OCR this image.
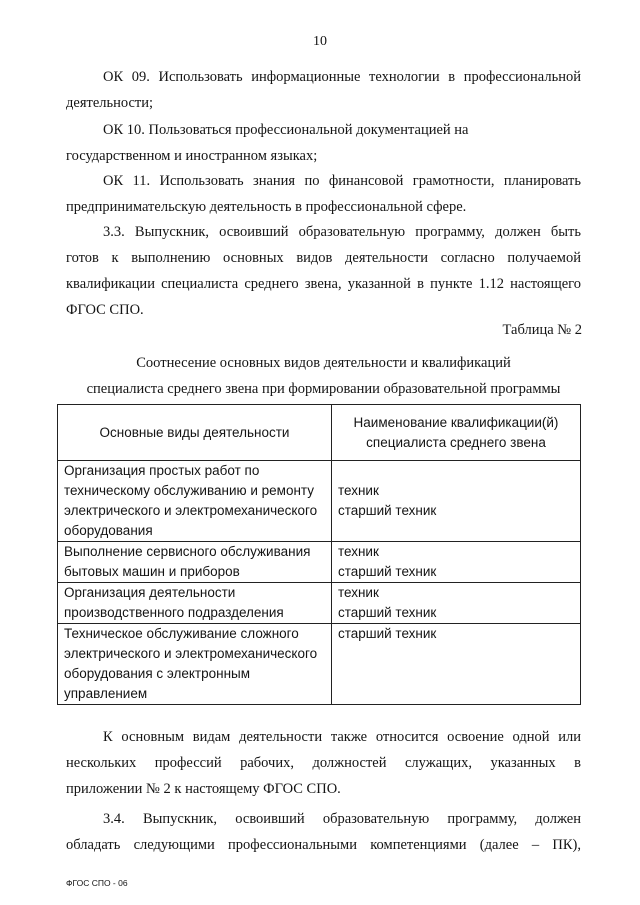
10
ОК 09. Использовать информационные технологии в профессиональной
деятельности;
ОК 10. Пользоваться профессиональной документацией на
государственном и иностранном языках;
ОК 11. Использовать знания по финансовой грамотности, планировать
предпринимательскую деятельность в профессиональной сфере.
3.3. Выпускник, освоивший образовательную программу, должен быть
готов к выполнению основных видов деятельности согласно получаемой
квалификации специалиста среднего звена, указанной в пункте 1.12 настоящего
ФГОС СПО.
Таблица № 2
Соотнесение основных видов деятельности и квалификаций
специалиста среднего звена при формировании образовательной программы
Основные виды деятельности	Наименование квалификации(й)
специалиста среднего звена

Организация простых работ по
техническому обслуживанию и ремонту
электрического и электромеханического
оборудования	техник
старший техник

Выполнение сервисного обслуживания
бытовых машин и приборов	техник
старший техник

Организация деятельности
производственного подразделения	техник
старший техник

Техническое обслуживание сложного
электрического и электромеханического
оборудования с электронным
управлением	старший техник
К основным видам деятельности также относится освоение одной или
нескольких профессий рабочих, должностей служащих, указанных в
приложении № 2 к настоящему ФГОС СПО.
3.4. Выпускник, освоивший образовательную программу, должен
обладать следующими профессиональными компетенциями (далее – ПК),
ФГОС СПО - 06
